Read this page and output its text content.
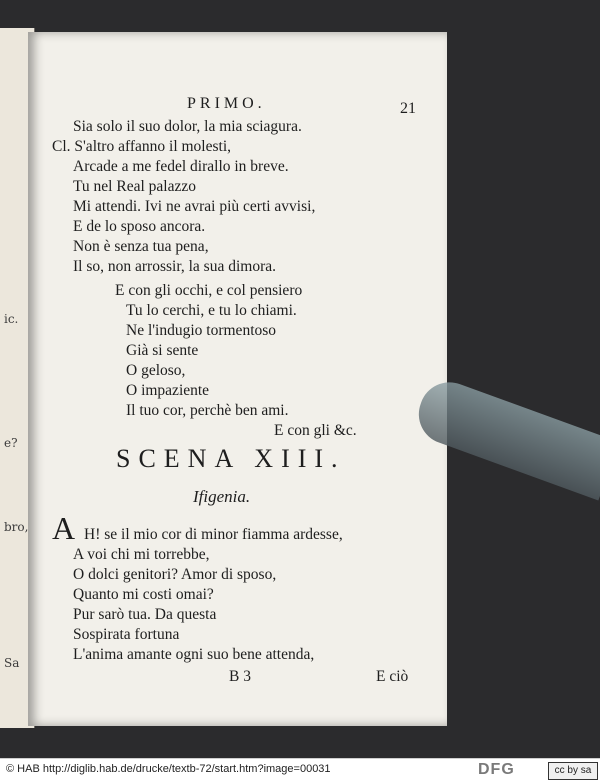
ic.
e?
bro,
Sa
PRIMO.	21
Sia solo il suo dolor, la mia sciagura.
Cl. S'altro affanno il molesti,
Arcade a me fedel dirallo in breve.
Tu nel Real palazzo
Mi attendi. Ivi ne avrai più certi avvisi,
E de lo sposo ancora.
Non è senza tua pena,
Il so, non arrossir, la sua dimora.
E con gli occhi, e col pensiero
Tu lo cerchi, e tu lo chiami.
Ne l'indugio tormentoso
Già si sente
O geloso,
O impaziente
Il tuo cor, perchè ben ami.
E con gli &c.
SCENA XIII.
Ifigenia.
A H! se il mio cor di minor fiamma ardesse,
A voi chi mi torrebbe,
O dolci genitori? Amor di sposo,
Quanto mi costi omai?
Pur sarò tua. Da questa
Sospirata fortuna
L'anima amante ogni suo bene attenda,
B 3	E ciò
© HAB http://diglib.hab.de/drucke/textb-72/start.htm?image=00031	DFG	cc by sa
